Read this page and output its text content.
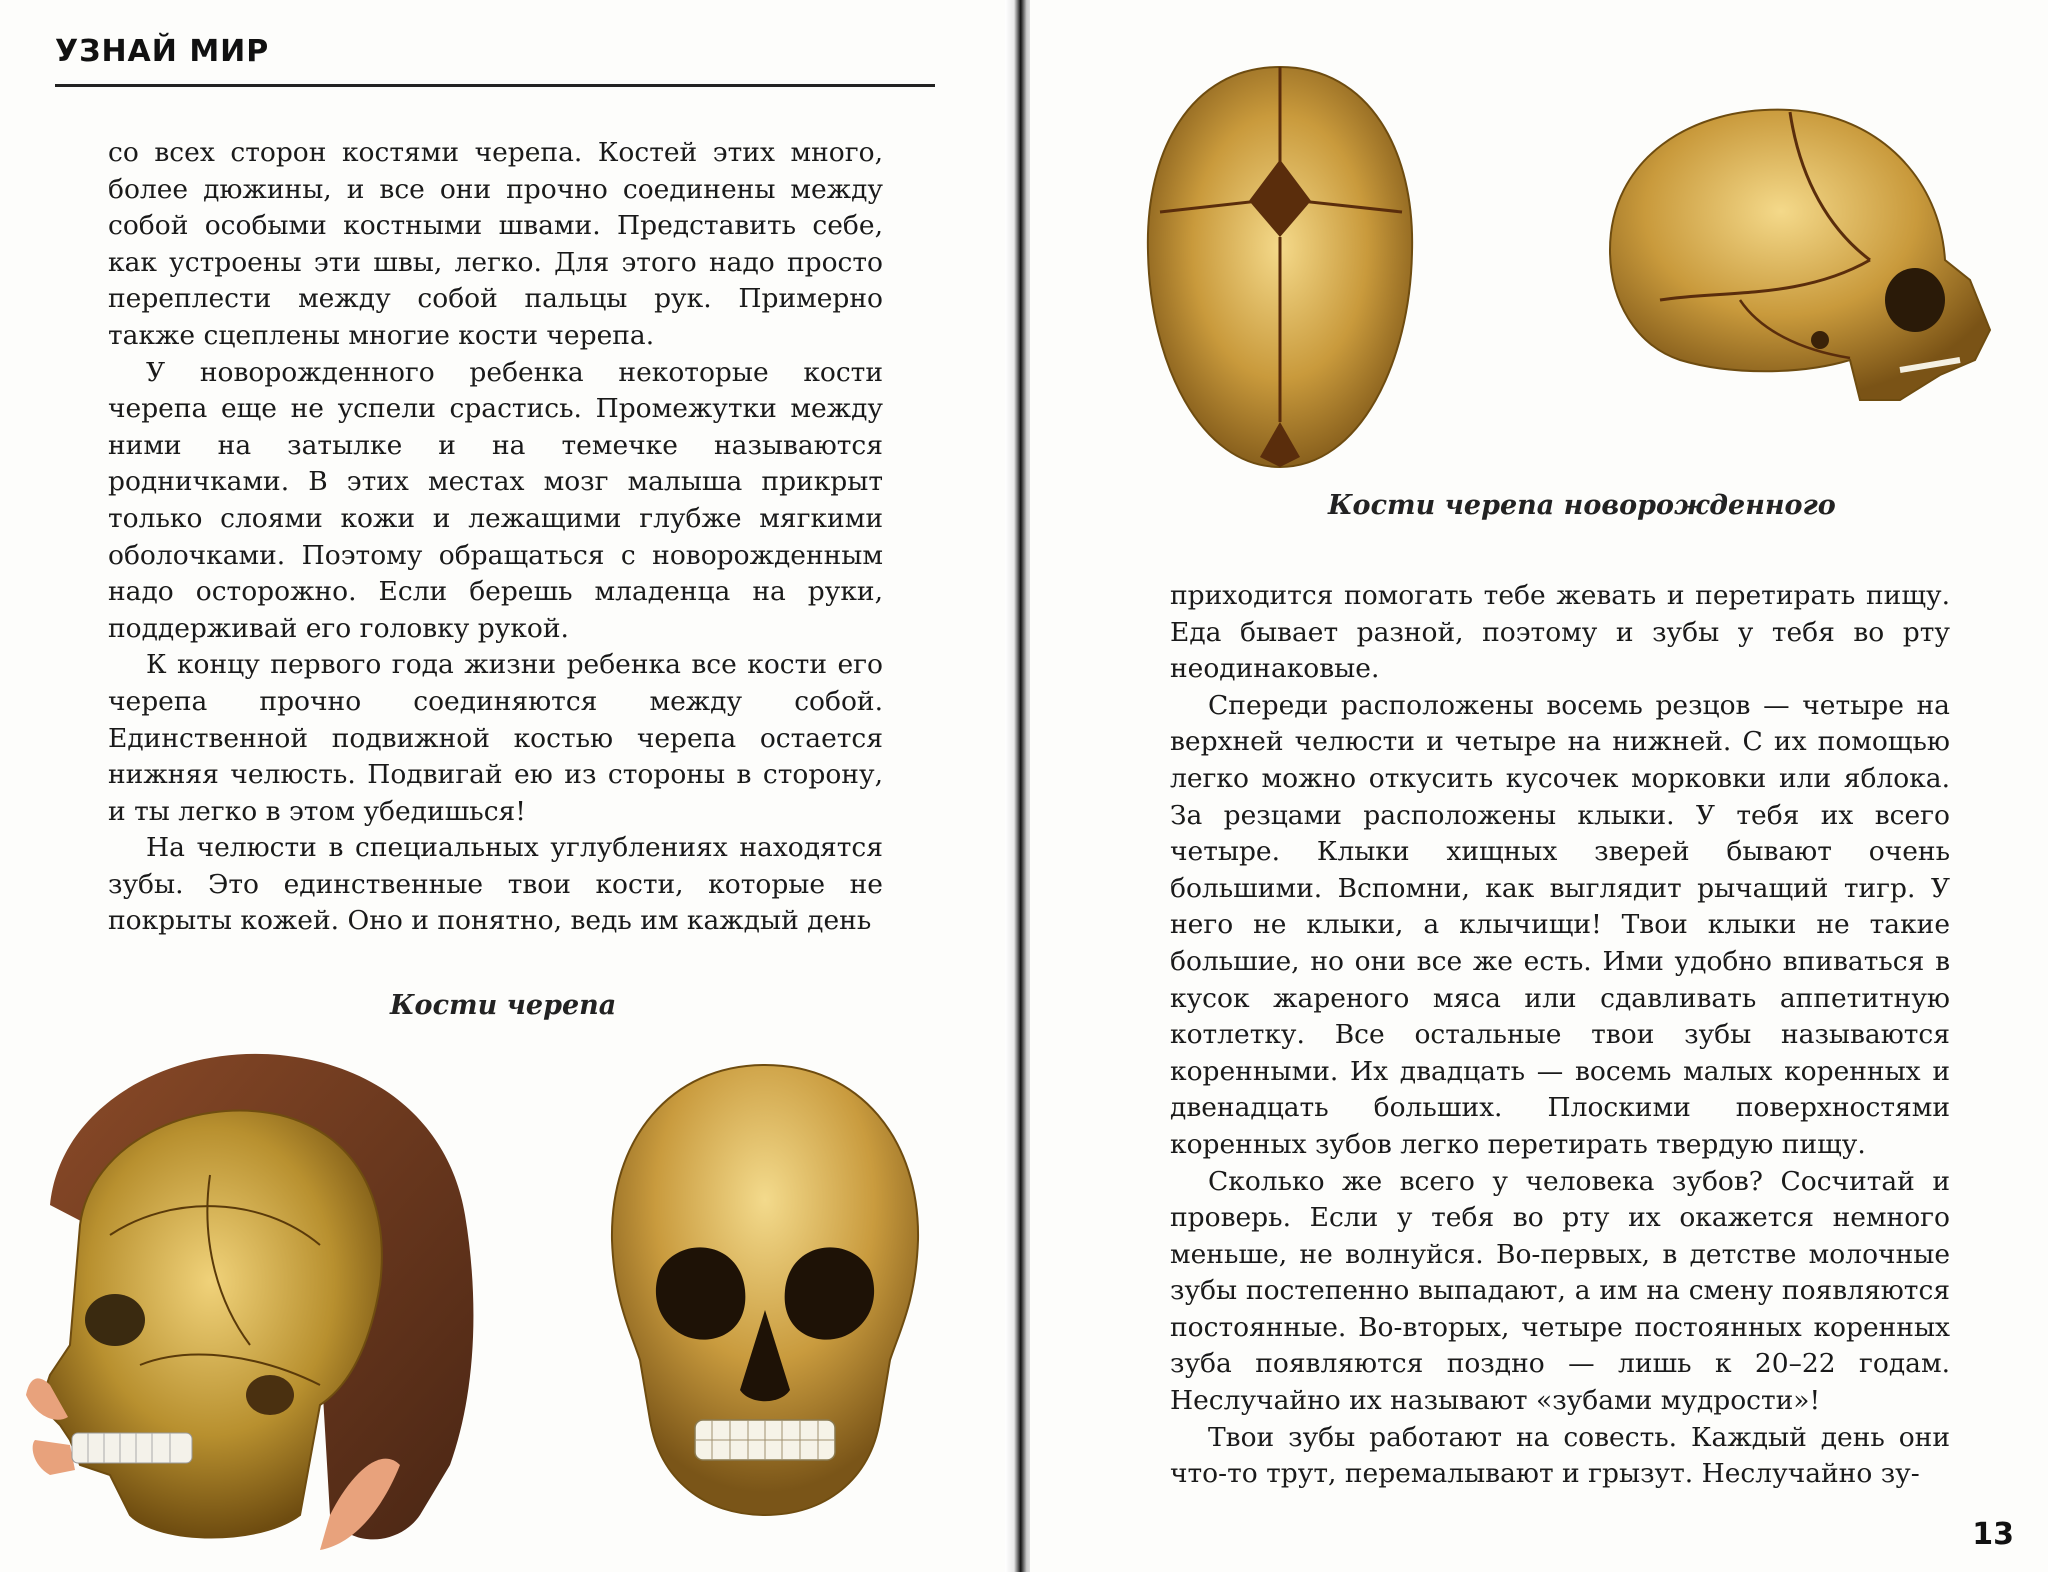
УЗНАЙ МИР

со всех сторон костями черепа. Костей этих много, более дюжины, и все они прочно соединены между собой особыми костными швами. Представить себе, как устроены эти швы, легко. Для этого надо просто переплести между собой пальцы рук. Примерно также сцеплены многие кости черепа.

У новорожденного ребенка некоторые кости черепа еще не успели срастись. Промежутки между ними на затылке и на темечке называются родничками. В этих местах мозг малыша прикрыт только слоями кожи и лежащими глубже мягкими оболочками. Поэтому обращаться с новорожденным надо осторожно. Если берешь младенца на руки, поддерживай его головку рукой.

К концу первого года жизни ребенка все кости его черепа прочно соединяются между собой. Единственной подвижной костью черепа остается нижняя челюсть. Подвигай ею из стороны в сторону, и ты легко в этом убедишься!

На челюсти в специальных углублениях находятся зубы. Это единственные твои кости, которые не покрыты кожей. Оно и понятно, ведь им каждый день

Кости черепа
Кости черепа новорожденного

приходится помогать тебе жевать и перетирать пищу. Еда бывает разной, поэтому и зубы у тебя во рту неодинаковые.

Спереди расположены восемь резцов — четыре на верхней челюсти и четыре на нижней. С их помощью легко можно откусить кусочек морковки или яблока. За резцами расположены клыки. У тебя их всего четыре. Клыки хищных зверей бывают очень большими. Вспомни, как выглядит рычащий тигр. У него не клыки, а клычищи! Твои клыки не такие большие, но они все же есть. Ими удобно впиваться в кусок жареного мяса или сдавливать аппетитную котлетку. Все остальные твои зубы называются коренными. Их двадцать — восемь малых коренных и двенадцать больших. Плоскими поверхностями коренных зубов легко перетирать твердую пищу.

Сколько же всего у человека зубов? Сосчитай и проверь. Если у тебя во рту их окажется немного меньше, не волнуйся. Во-первых, в детстве молочные зубы постепенно выпадают, а им на смену появляются постоянные. Во-вторых, четыре постоянных коренных зуба появляются поздно — лишь к 20–22 годам. Неслучайно их называют «зубами мудрости»!

Твои зубы работают на совесть. Каждый день они что-то трут, перемалывают и грызут. Неслучайно зу-

13
